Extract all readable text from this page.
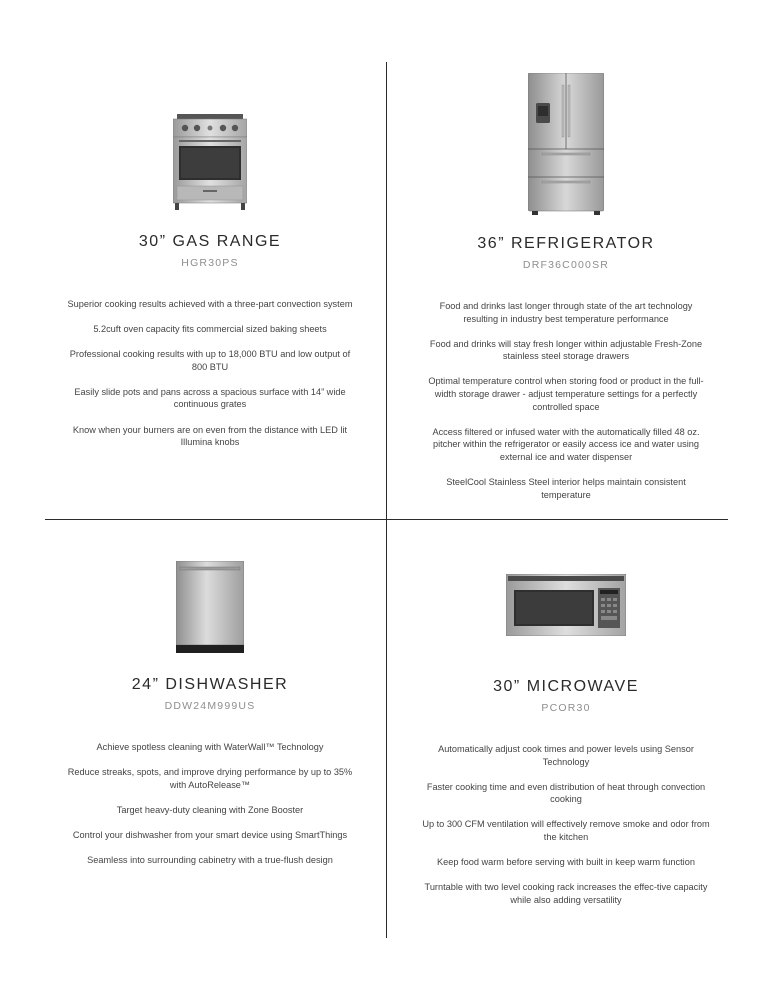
30” GAS RANGE
HGR30PS
Superior cooking results achieved with a three-part convection system
5.2cuft oven capacity fits commercial sized baking sheets
Professional cooking results with up to 18,000 BTU and low output of 800 BTU
Easily slide pots and pans across a spacious surface with 14” wide continuous grates
Know when your burners are on even from the distance with LED lit Illumina knobs
36” REFRIGERATOR
DRF36C000SR
Food and drinks last longer through state of the art technology resulting in industry best temperature performance
Food and drinks will stay fresh longer within adjustable Fresh-Zone stainless steel storage drawers
Optimal temperature control when storing food or product in the full-width storage drawer - adjust temperature settings for a perfectly controlled space
Access filtered or infused water with the automatically filled 48 oz. pitcher within the refrigerator or easily access ice and water using external ice and water dispenser
SteelCool Stainless Steel interior helps maintain consistent temperature
24” DISHWASHER
DDW24M999US
Achieve spotless cleaning with WaterWall™ Technology
Reduce streaks, spots, and improve drying performance by up to 35% with AutoRelease™
Target heavy-duty cleaning with Zone Booster
Control your dishwasher from your smart device using SmartThings
Seamless into surrounding cabinetry with a true-flush design
30” MICROWAVE
PCOR30
Automatically adjust cook times and power levels using Sensor Technology
Faster cooking time and even distribution of heat through convection cooking
Up to 300 CFM ventilation will effectively remove smoke and odor from the kitchen
Keep food warm before serving with built in keep warm function
Turntable with two level cooking rack increases the effec-tive capacity while also adding versatility
